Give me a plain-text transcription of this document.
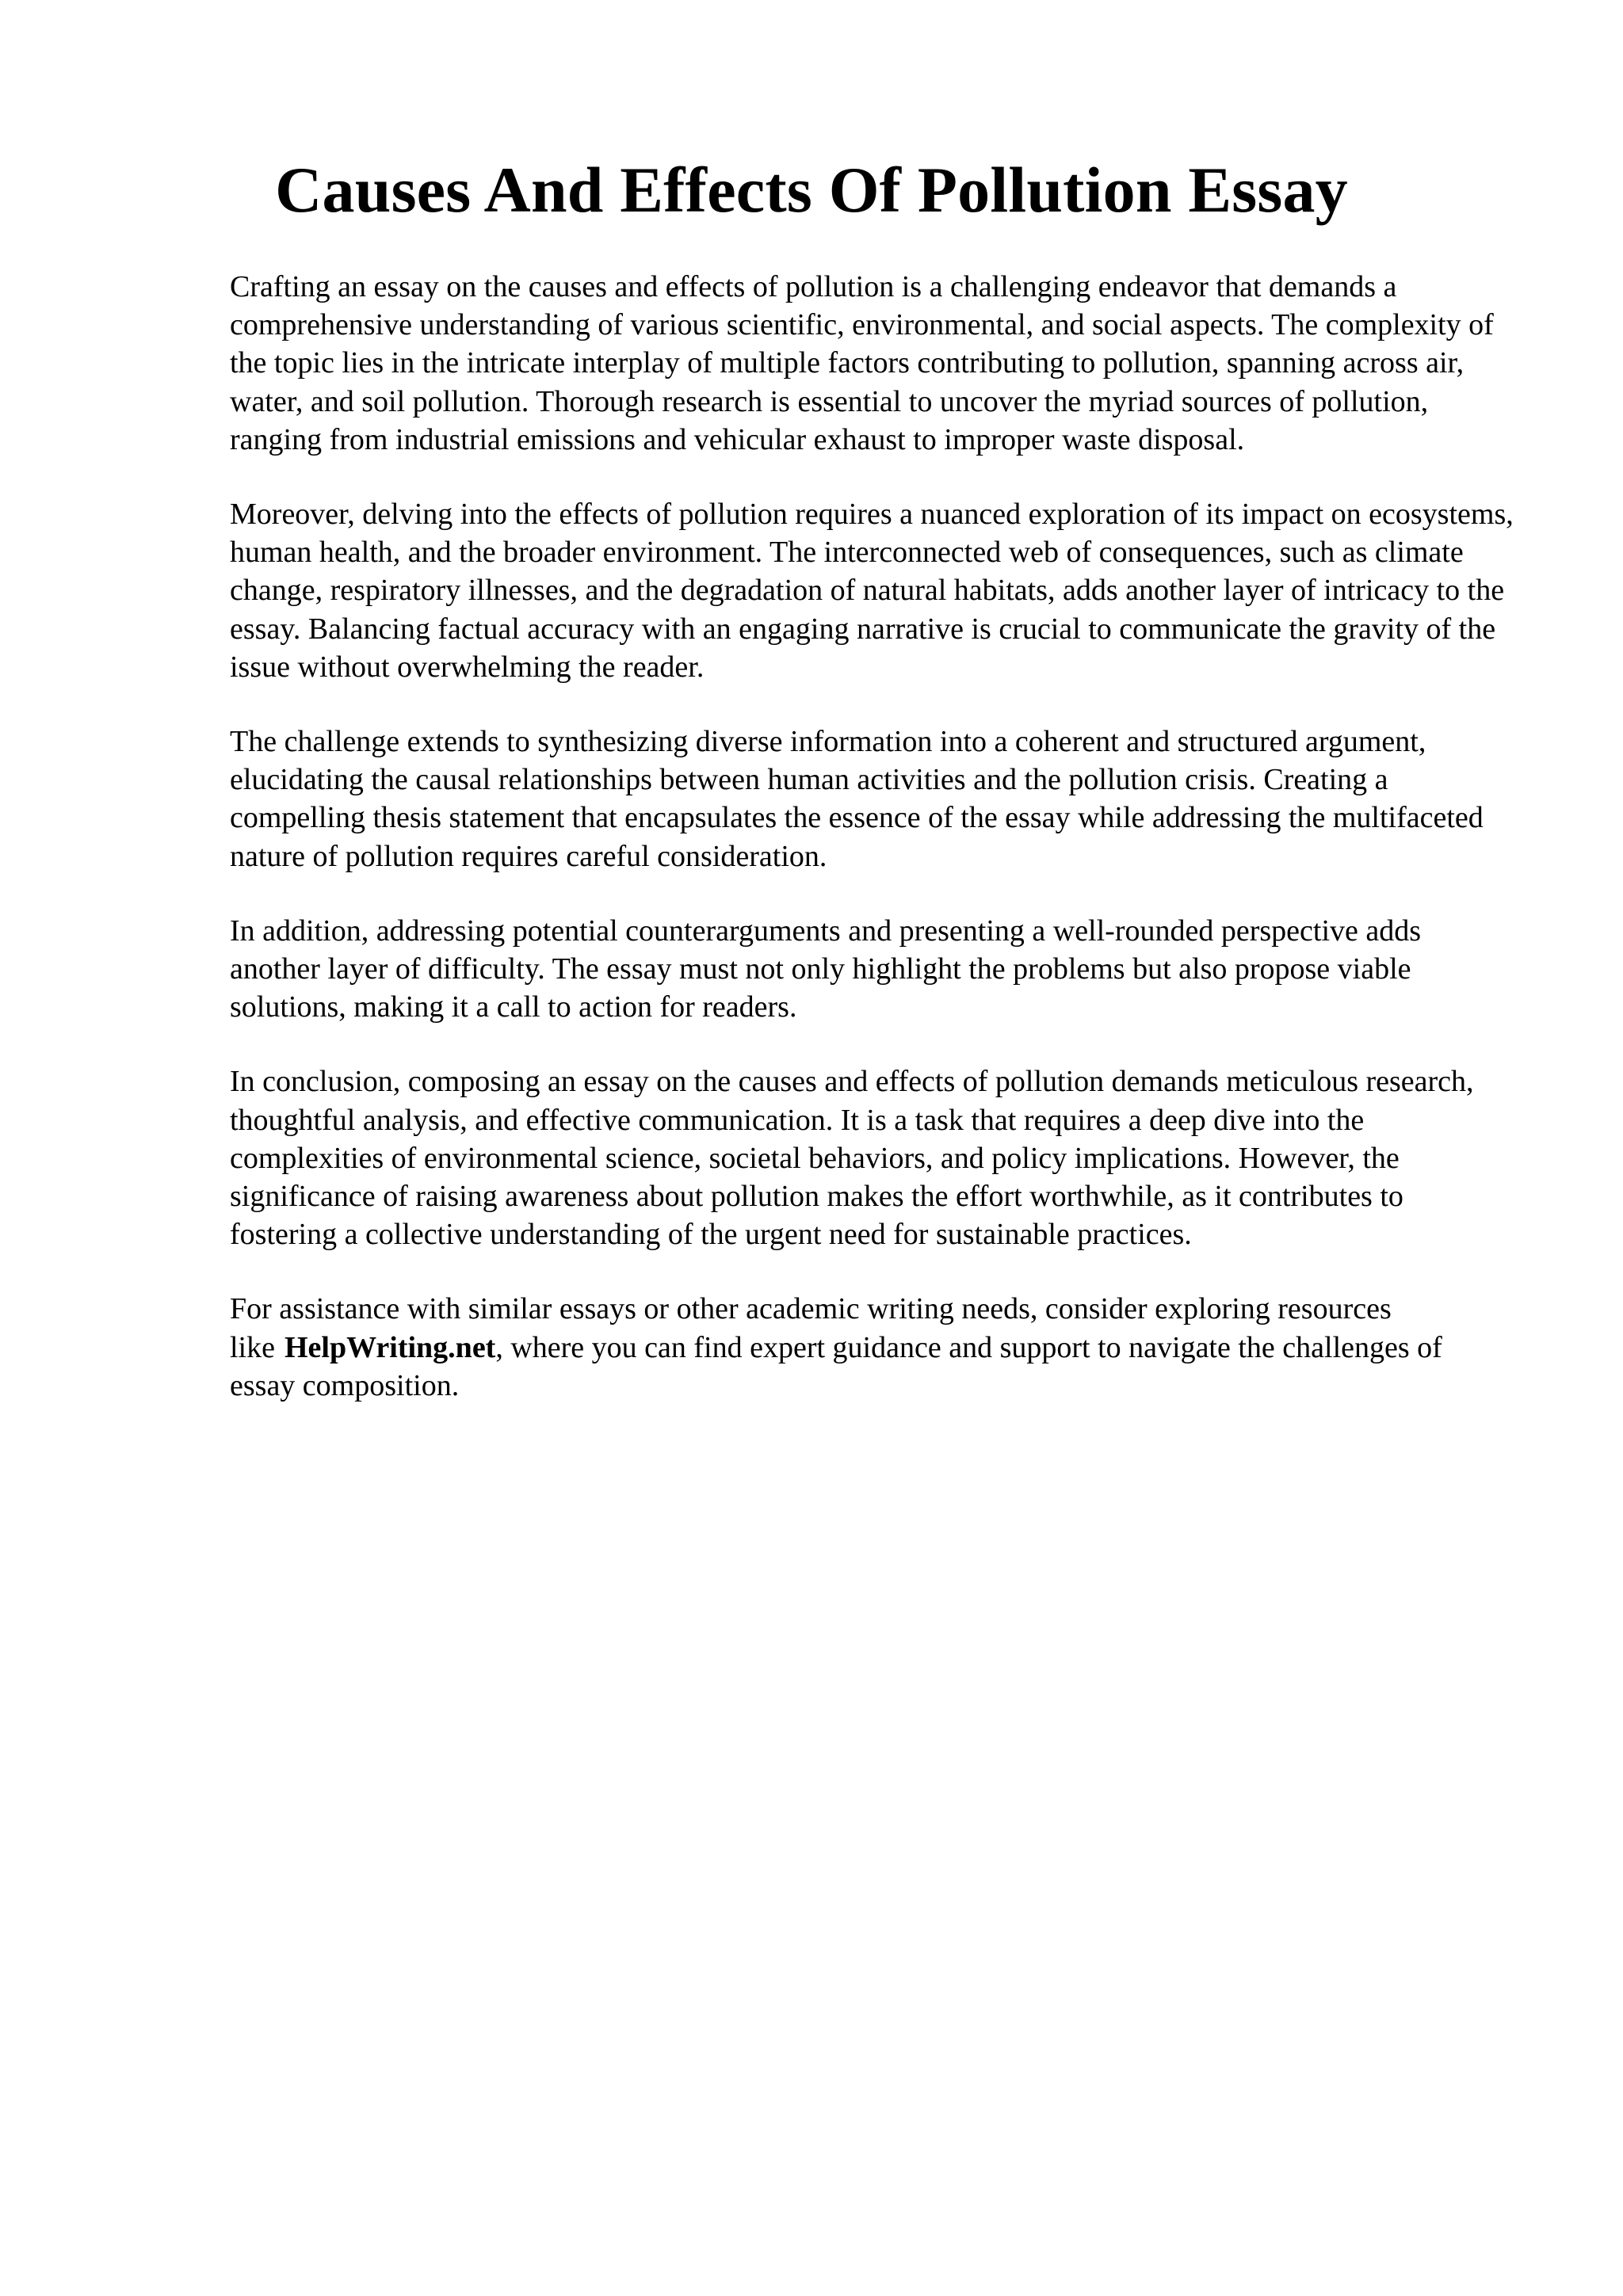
Causes And Effects Of Pollution Essay

Crafting an essay on the causes and effects of pollution is a challenging endeavor that demands a comprehensive understanding of various scientific, environmental, and social aspects. The complexity of the topic lies in the intricate interplay of multiple factors contributing to pollution, spanning across air, water, and soil pollution. Thorough research is essential to uncover the myriad sources of pollution, ranging from industrial emissions and vehicular exhaust to improper waste disposal.

Moreover, delving into the effects of pollution requires a nuanced exploration of its impact on ecosystems, human health, and the broader environment. The interconnected web of consequences, such as climate change, respiratory illnesses, and the degradation of natural habitats, adds another layer of intricacy to the essay. Balancing factual accuracy with an engaging narrative is crucial to communicate the gravity of the issue without overwhelming the reader.

The challenge extends to synthesizing diverse information into a coherent and structured argument, elucidating the causal relationships between human activities and the pollution crisis. Creating a compelling thesis statement that encapsulates the essence of the essay while addressing the multifaceted nature of pollution requires careful consideration.

In addition, addressing potential counterarguments and presenting a well-rounded perspective adds another layer of difficulty. The essay must not only highlight the problems but also propose viable solutions, making it a call to action for readers.

In conclusion, composing an essay on the causes and effects of pollution demands meticulous research, thoughtful analysis, and effective communication. It is a task that requires a deep dive into the complexities of environmental science, societal behaviors, and policy implications. However, the significance of raising awareness about pollution makes the effort worthwhile, as it contributes to fostering a collective understanding of the urgent need for sustainable practices.

For assistance with similar essays or other academic writing needs, consider exploring resources like HelpWriting.net, where you can find expert guidance and support to navigate the challenges of essay composition.
